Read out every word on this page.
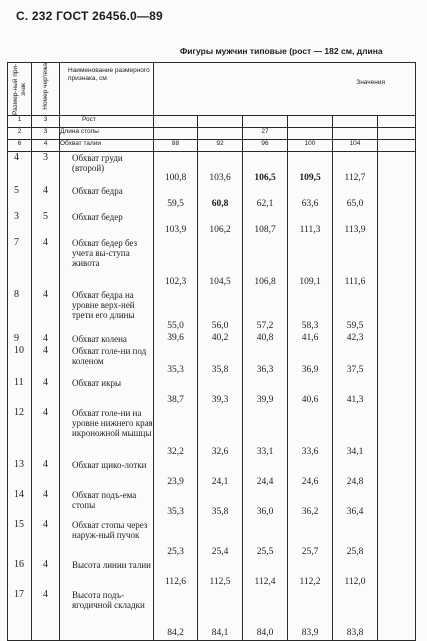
С. 232 ГОСТ 26456.0—89
Фигуры мужчин типовые (рост — 182 см, длина
Размер-ный при-знак	Номер чертежа	Наименование размерного признака, см	Значения					

1	3	Рост						
2	3	Длина стопы			27			
6	4	Обхват талии	88	92	96	100	104	
4	3	Обхват груди (второй)	100,8	103,6	106,5	109,5	112,7	
5	4	Обхват бедра	59,5	60,8	62,1	63,6	65,0	
3	5	Обхват бедер	103,9	106,2	108,7	111,3	113,9	
7	4	Обхват бедер без учета вы-ступа живота	102,3	104,5	106,8	109,1	111,6	
8	4	Обхват бедра на уровне верх-ней трети его длины	55,0	56,0	57,2	58,3	59,5	
9	4	Обхват колена	39,6	40,2	40,8	41,6	42,3	
10	4	Обхват голе-ни под коленом	35,3	35,8	36,3	36,9	37,5	
11	4	Обхват икры	38,7	39,3	39,9	40,6	41,3	
12	4	Обхват голе-ни на уровне нижнего края икроножной мышцы	32,2	32,6	33,1	33,6	34,1	
13	4	Обхват щико-лотки	23,9	24,1	24,4	24,6	24,8	
14	4	Обхват подъ-ема стопы	35,3	35,8	36,0	36,2	36,4	
15	4	Обхват стопы через наруж-ный пучок	25,3	25,4	25,5	25,7	25,8	
16	4	Высота линии талии	112,6	112,5	112,4	112,2	112,0	
17	4	Высота подъ-ягодичной складки	84,2	84,1	84,0	83,9	83,8	
